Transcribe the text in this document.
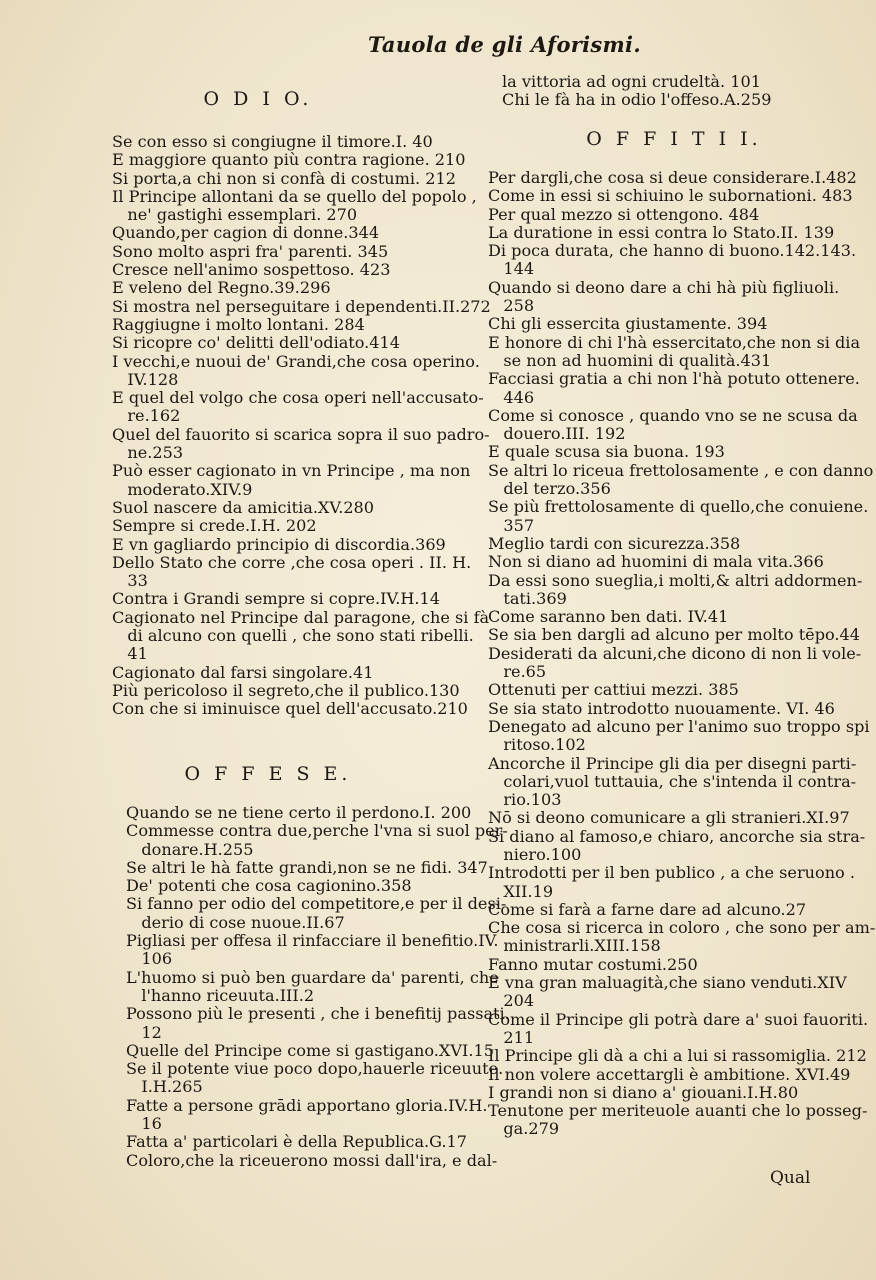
Tauola de gli Aforismi.
O D I O.
Se con esso si congiugne il timore.I. 40
E maggiore quanto più contra ragione. 210
Si porta,a chi non si confà di costumi. 212
Il Principe allontani da se quello del popolo ,
ne' gastighi essemplari. 270
Quando,per cagion di donne.344
Sono molto aspri fra' parenti. 345
Cresce nell'animo sospettoso. 423
E veleno del Regno.39.296
Si mostra nel perseguitare i dependenti.II.272
Raggiugne i molto lontani. 284
Si ricopre co' delitti dell'odiato.414
I vecchi,e nuoui de' Grandi,che cosa operino.
IV.128
E quel del volgo che cosa operi nell'accusato-
re.162
Quel del fauorito si scarica sopra il suo padro-
ne.253
Può esser cagionato in vn Principe , ma non
moderato.XIV.9
Suol nascere da amicitia.XV.280
Sempre si crede.I.H. 202
E vn gagliardo principio di discordia.369
Dello Stato che corre ,che cosa operi . II. H.
33
Contra i Grandi sempre si copre.IV.H.14
Cagionato nel Principe dal paragone, che si fà
di alcuno con quelli , che sono stati ribelli.
41
Cagionato dal farsi singolare.41
Più pericoloso il segreto,che il publico.130
Con che si iminuisce quel dell'accusato.210
O F F E S E.
Quando se ne tiene certo il perdono.I. 200
Commesse contra due,perche l'vna si suol per-
donare.H.255
Se altri le hà fatte grandi,non se ne fidi. 347
De' potenti che cosa cagionino.358
Si fanno per odio del competitore,e per il desi-
derio di cose nuoue.II.67
Pigliasi per offesa il rinfacciare il benefitio.IV.
106
L'huomo si può ben guardare da' parenti, che
l'hanno riceuuta.III.2
Possono più le presenti , che i benefitij passati.
12
Quelle del Principe come si gastigano.XVI.15
Se il potente viue poco dopo,hauerle riceuute.
I.H.265
Fatte a persone grādi apportano gloria.IV.H.
16
Fatta a' particolari è della Republica.G.17
Coloro,che la riceuerono mossi dall'ira, e dal-
la vittoria ad ogni crudeltà. 101
Chi le fà ha in odio l'offeso.A.259
O F F I T I I.
Per dargli,che cosa si deue considerare.I.482
Come in essi si schiuino le subornationi. 483
Per qual mezzo si ottengono. 484
La duratione in essi contra lo Stato.II. 139
Di poca durata, che hanno di buono.142.143.
144
Quando si deono dare a chi hà più figliuoli.
258
Chi gli essercita giustamente. 394
E honore di chi l'hà essercitato,che non si dia
se non ad huomini di qualità.431
Facciasi gratia a chi non l'hà potuto ottenere.
446
Come si conosce , quando vno se ne scusa da
douero.III. 192
E quale scusa sia buona. 193
Se altri lo riceua frettolosamente , e con danno
del terzo.356
Se più frettolosamente di quello,che conuiene.
357
Meglio tardi con sicurezza.358
Non si diano ad huomini di mala vita.366
Da essi sono sueglia,i molti,& altri addormen-
tati.369
Come saranno ben dati. IV.41
Se sia ben dargli ad alcuno per molto tēpo.44
Desiderati da alcuni,che dicono di non li vole-
re.65
Ottenuti per cattiui mezzi. 385
Se sia stato introdotto nuouamente. VI. 46
Denegato ad alcuno per l'animo suo troppo spi
ritoso.102
Ancorche il Principe gli dia per disegni parti-
colari,vuol tuttauia, che s'intenda il contra-
rio.103
Nō si deono comunicare a gli stranieri.XI.97
Si diano al famoso,e chiaro, ancorche sia stra-
niero.100
Introdotti per il ben publico , a che seruono .
XII.19
Come si farà a farne dare ad alcuno.27
Che cosa si ricerca in coloro , che sono per am-
ministrarli.XIII.158
Fanno mutar costumi.250
E vna gran maluagità,che siano venduti.XIV
204
Come il Principe gli potrà dare a' suoi fauoriti.
211
Il Principe gli dà a chi a lui si rassomiglia. 212
Il non volere accettargli è ambitione. XVI.49
I grandi non si diano a' giouani.I.H.80
Tenutone per meriteuole auanti che lo posseg-
ga.279
Qual
